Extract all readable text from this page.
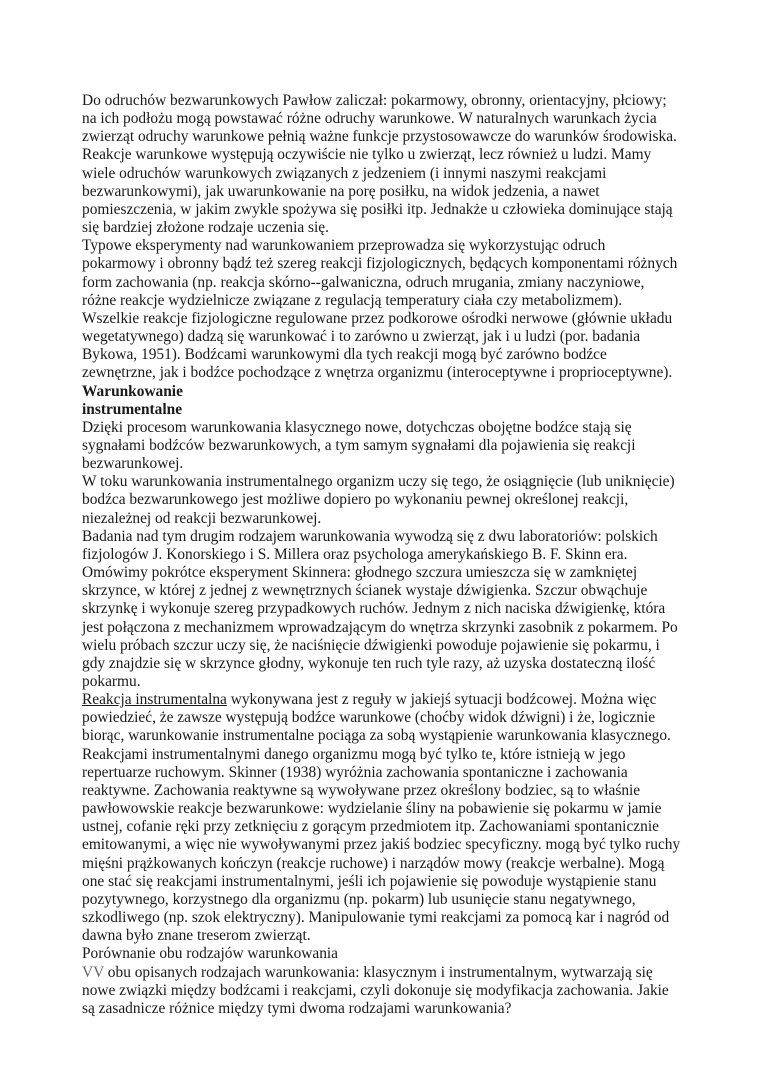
Do odruchów bezwarunkowych Pawłow zaliczał: pokarmowy, obronny, orientacyjny, płciowy; na ich podłożu mogą powstawać różne odruchy warunkowe. W naturalnych warunkach życia zwierząt odruchy warunkowe pełnią ważne funkcje przystosowawcze do warunków środowiska. Reakcje warunkowe występują oczywiście nie tylko u zwierząt, lecz również u ludzi. Mamy wiele odruchów warunkowych związanych z jedzeniem (i innymi naszymi reakcjami bezwarunkowymi), jak uwarunkowanie na porę posiłku, na widok jedzenia, a nawet pomieszczenia, w jakim zwykle spożywa się posiłki itp. Jednakże u człowieka dominujące stają się bardziej złożone rodzaje uczenia się.

Typowe eksperymenty nad warunkowaniem przeprowadza się wykorzystując odruch pokarmowy i obronny bądź też szereg reakcji fizjologicznych, będących komponentami różnych form zachowania (np. reakcja skórno--galwaniczna, odruch mrugania, zmiany naczyniowe, różne reakcje wydzielnicze związane z regulacją temperatury ciała czy metabolizmem). Wszelkie reakcje fizjologiczne regulowane przez podkorowe ośrodki nerwowe (głównie układu wegetatywnego) dadzą się warunkować i to zarówno u zwierząt, jak i u ludzi (por. badania Bykowa, 1951). Bodźcami warunkowymi dla tych reakcji mogą być zarówno bodźce zewnętrzne, jak i bodźce pochodzące z wnętrza organizmu (interoceptywne i proprioceptywne).

Warunkowanie
instrumentalne

Dzięki procesom warunkowania klasycznego nowe, dotychczas obojętne bodźce stają się sygnałami bodźców bezwarunkowych, a tym samym sygnałami dla pojawienia się reakcji bezwarunkowej.

W toku warunkowania instrumentalnego organizm uczy się tego, że osiągnięcie (lub uniknięcie) bodźca bezwarunkowego jest możliwe dopiero po wykonaniu pewnej określonej reakcji, niezależnej od reakcji bezwarunkowej.

Badania nad tym drugim rodzajem warunkowania wywodzą się z dwu laboratoriów: polskich fizjologów J. Konorskiego i S. Millera oraz psychologa amerykańskiego B. F. Skinn era.

Omówimy pokrótce eksperyment Skinnera: głodnego szczura umieszcza się w zamkniętej skrzynce, w której z jednej z wewnętrznych ścianek wystaje dźwigienka. Szczur obwąchuje skrzynkę i wykonuje szereg przypadkowych ruchów. Jednym z nich naciska dźwigienkę, która jest połączona z mechanizmem wprowadzającym do wnętrza skrzynki zasobnik z pokarmem. Po wielu próbach szczur uczy się, że naciśnięcie dźwigienki powoduje pojawienie się pokarmu, i gdy znajdzie się w skrzynce głodny, wykonuje ten ruch tyle razy, aż uzyska dostateczną ilość pokarmu.

Reakcja instrumentalna wykonywana jest z reguły w jakiejś sytuacji bodźcowej. Można więc powiedzieć, że zawsze występują bodźce warunkowe (choćby widok dźwigni) i że, logicznie biorąc, warunkowanie instrumentalne pociąga za sobą wystąpienie warunkowania klasycznego. Reakcjami instrumentalnymi danego organizmu mogą być tylko te, które istnieją w jego repertuarze ruchowym. Skinner (1938) wyróżnia zachowania spontaniczne i zachowania reaktywne. Zachowania reaktywne są wywoływane przez określony bodziec, są to właśnie pawłowowskie reakcje bezwarunkowe: wydzielanie śliny na pobawienie się pokarmu w jamie ustnej, cofanie ręki przy zetknięciu z gorącym przedmiotem itp. Zachowaniami spontanicznie emitowanymi, a więc nie wywoływanymi przez jakiś bodziec specyficzny. mogą być tylko ruchy mięśni prążkowanych kończyn (reakcje ruchowe) i narządów mowy (reakcje werbalne). Mogą one stać się reakcjami instrumentalnymi, jeśli ich pojawienie się powoduje wystąpienie stanu pozytywnego, korzystnego dla organizmu (np. pokarm) lub usunięcie stanu negatywnego, szkodliwego (np. szok elektryczny). Manipulowanie tymi reakcjami za pomocą kar i nagród od dawna było znane treserom zwierząt.

Porównanie obu rodzajów warunkowania

VV obu opisanych rodzajach warunkowania: klasycznym i instrumentalnym, wytwarzają się nowe związki między bodźcami i reakcjami, czyli dokonuje się modyfikacja zachowania. Jakie są zasadnicze różnice między tymi dwoma rodzajami warunkowania?
